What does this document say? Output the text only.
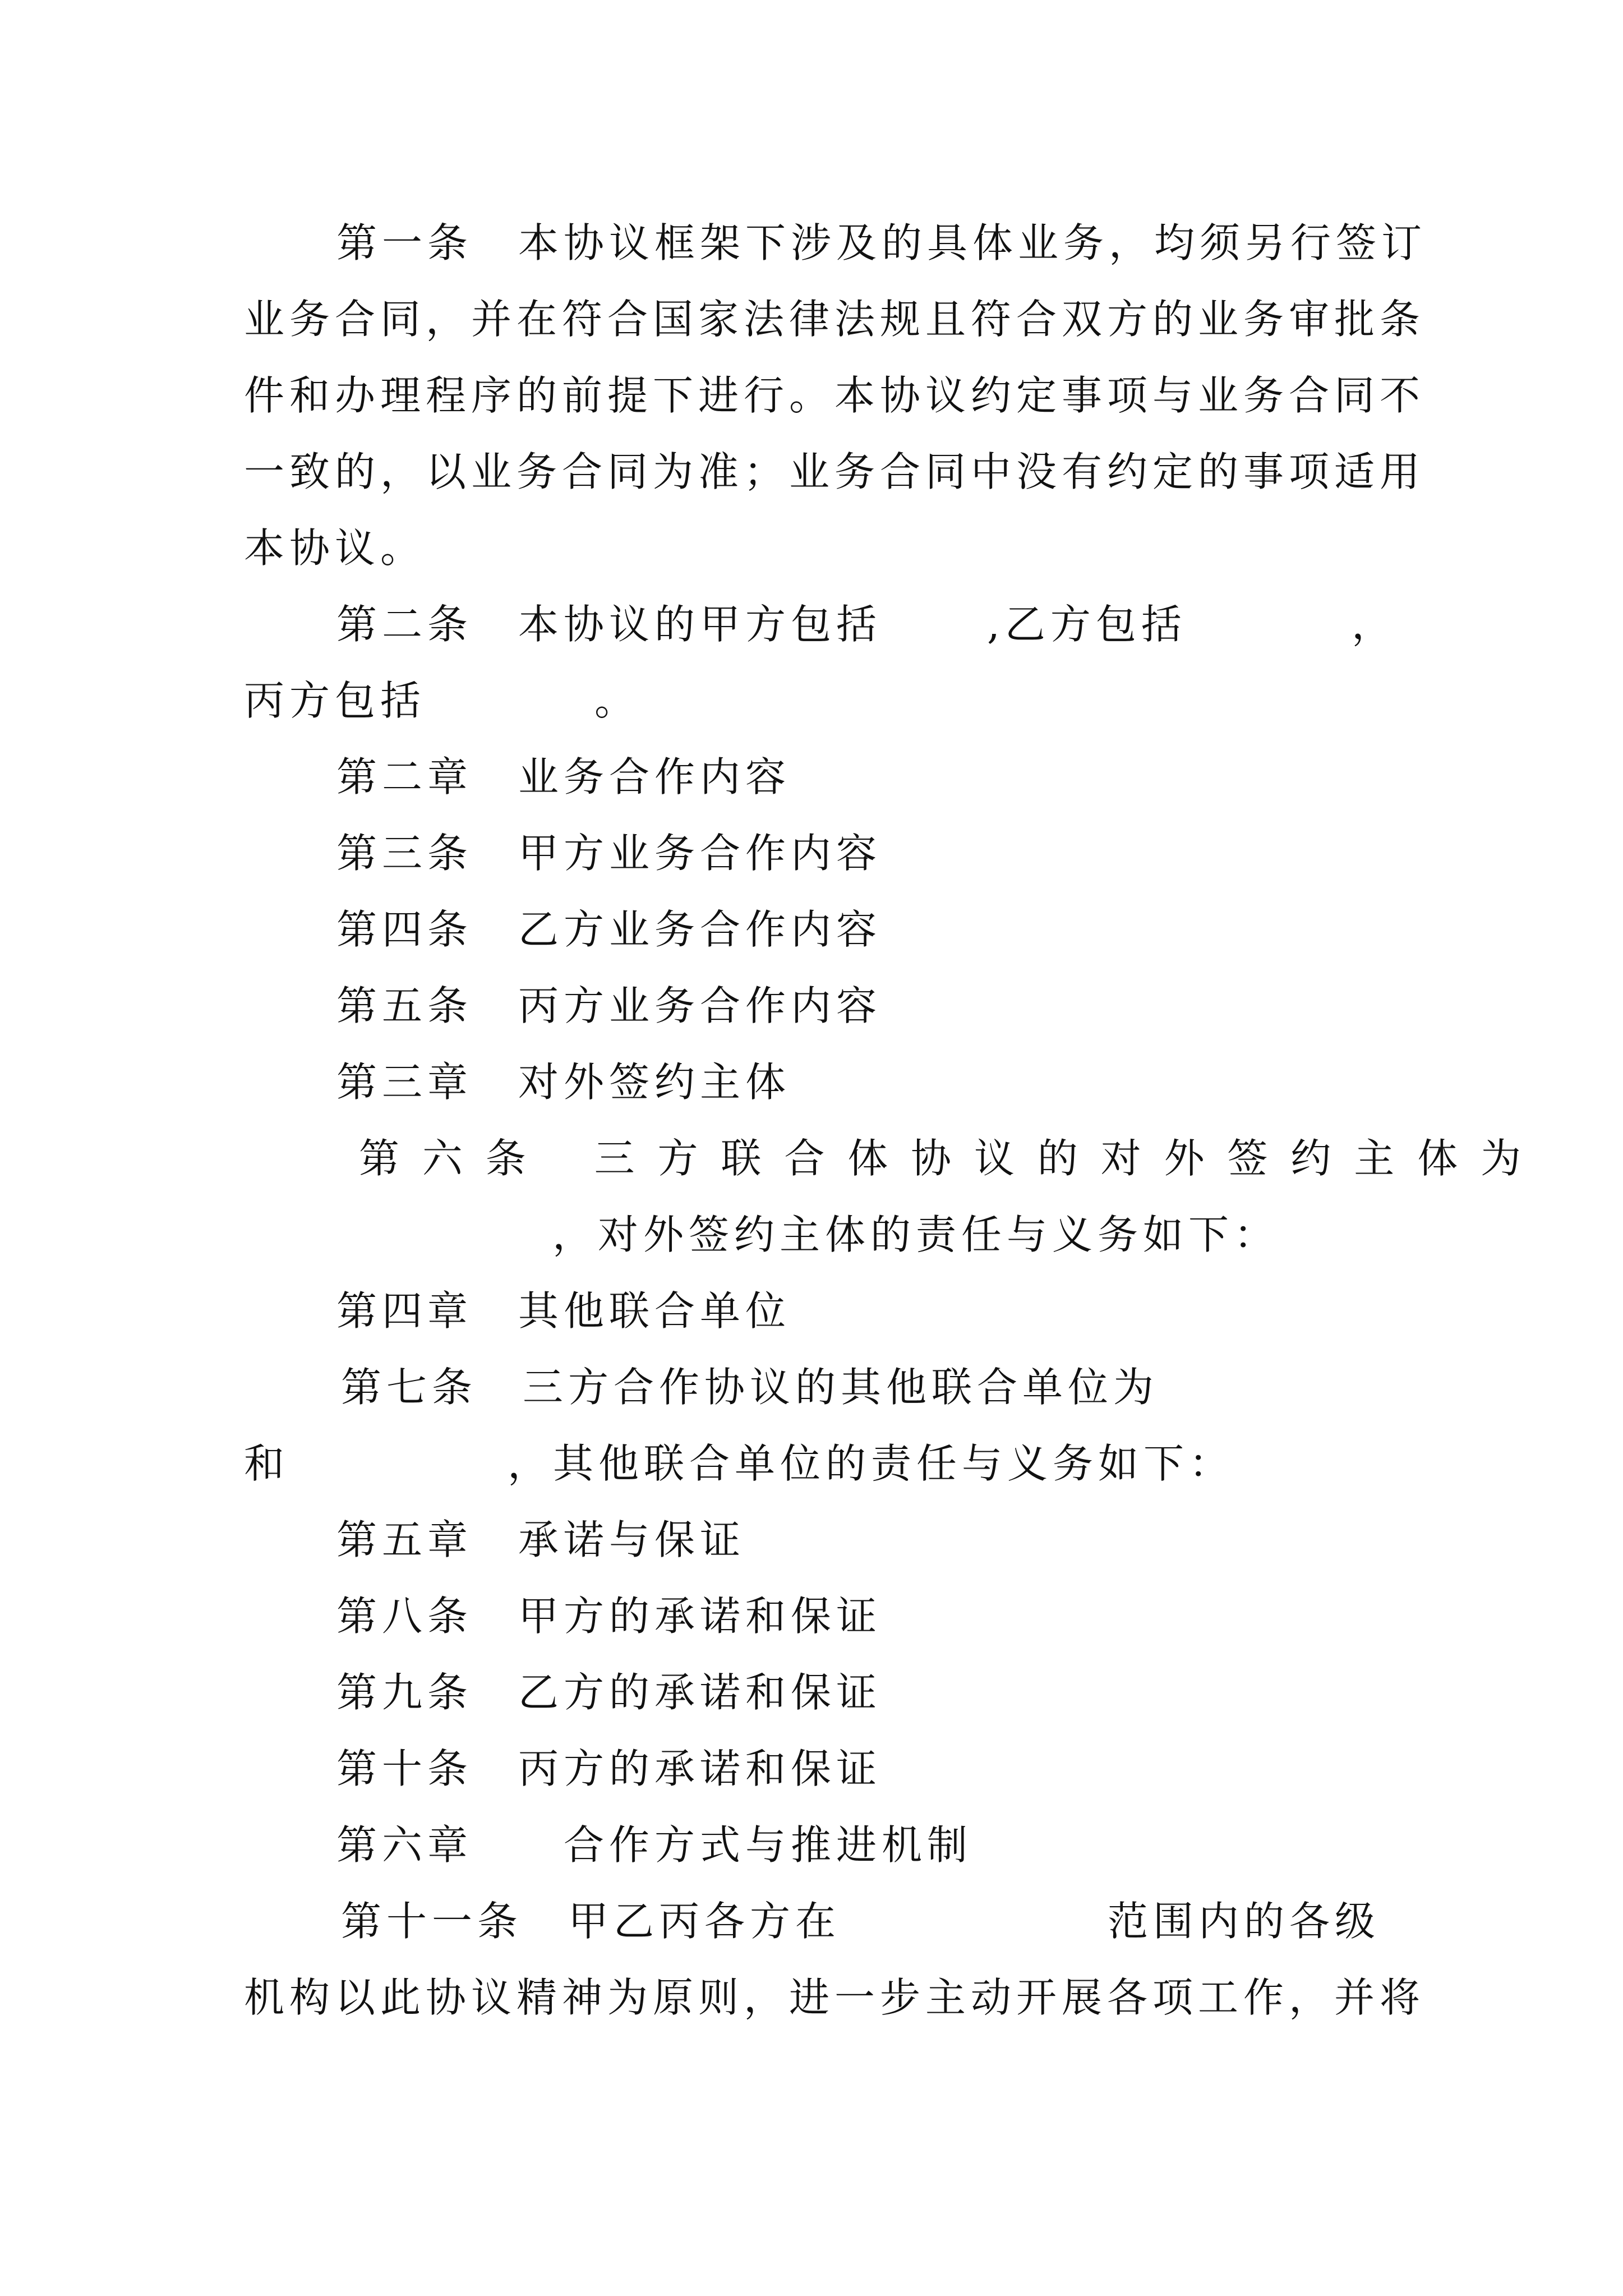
第一条　本协议框架下涉及的具体业务，均须另行签订

业务合同，并在符合国家法律法规且符合双方的业务审批条

件和办理程序的前提下进行。本协议约定事项与业务合同不

一致的，以业务合同为准；业务合同中没有约定的事项适用

本协议。

第二条　本协议的甲方包括

	,乙方包括

	，

丙方包括

	。

第二章　业务合作内容

第三条　甲方业务合作内容

第四条　乙方业务合作内容

第五条　丙方业务合作内容

第三章　对外签约主体

第 六 条　 三 方 联 合 体 协 议 的 对 外 签 约 主 体 为

，对外签约主体的责任与义务如下：

第四章　其他联合单位

第七条　三方合作协议的其他联合单位为

和

	，其他联合单位的责任与义务如下：

第五章　承诺与保证

第八条　甲方的承诺和保证

第九条　乙方的承诺和保证

第十条　丙方的承诺和保证

第六章　　合作方式与推进机制

第十一条　甲乙丙各方在

	范围内的各级

机构以此协议精神为原则，进一步主动开展各项工作，并将
